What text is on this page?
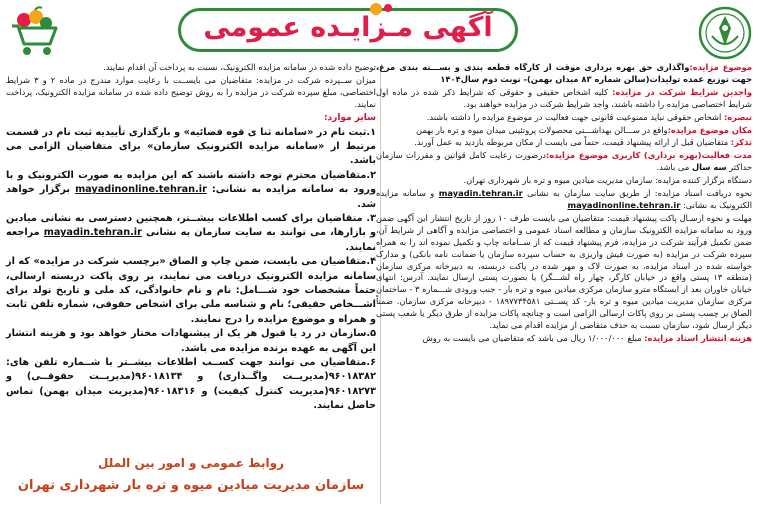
آگهی مـزایـده عمومی

موضوع مزایده:واگذاری حق بهره برداری موقت از کارگاه قطعه بندی و بســـته بندی مرغ، جهت توزیع عمده تولیدات(سالن شماره ۸۳ میدان بهمن)- نوبت دوم سال۱۴۰۴

واجدین شرایط شرکت در مزایده: کلیه اشخاص حقیقی و حقوقی که شرایط ذکر شده در ماده اول شرایط اختصاصی مزایده را داشته باشند، واجد شرایط شرکت در مزایده خواهند بود.

تبصره: اشخاص حقوقی نباید ممنوعیت قانونی جهت فعالیت در موضوع مزایده را داشته باشند.

مکان موضوع مزایده:واقع در ســـالن بهداشـــتی محصولات پروتئینی میدان میوه و تره بار بهمن

تذکر: متقاضیان قبل از ارائه پیشنهاد قیمت، حتماً می بایست از مکان مربوطه بازدید به عمل آورند.

مدت فعالیت(بهره برداری) کاربری موضوع مزایده:درصورت رعایت کامل قوانین و مقررات سازمان حداکثر سه سال می باشد.

دستگاه برگزار کننده مزایده: سازمان مدیریت میادین میوه و تره بار شهرداری تهران.

نحوه دریافت اسناد مزایده: از طریق سایت سازمان به نشانی mayadin.tehran.ir و سامانه مزایده الکترونیک به نشانی: mayadinonline.tehran.ir

مهلت و نحوه ارسـال پاکت پیشنهاد قیمت: متقاضیان می بایست ظرف ۱۰ روز از تاریخ انتشار این آگهی ضمن ورود به سامانه مزایده الکترونیک سازمان و مطالعه اسناد عمومی و اختصاصی مزایده و آگاهی از شرایط آن، ضمن تکمیل فرآیند شرکت در مزایده، فرم پیشنهاد قیمت که از ســامانه چاپ و تکمیل نموده اند را به همراه سپرده شرکت در مزایده (به صورت فیش واریزی به حساب سپرده سازمان یا ضمانت نامه بانکی) و مدارک خواسته شده در اسناد مزایده، به صورت لاک و مهر شده در پاکت دربسته، به دبیرخانه مرکزی سازمان (منطقه ۱۳ پستی واقع در خیابان کارگر، چهار راه لشـــگر) یا بصورت پستی ارسال نمایند. آدرس: انتهای خیابان خاوران بعد از ایستگاه مترو سازمان مرکزی میادین میوه و تره بار - جنب ورودی شـــماره ۳ - ساختمان مرکزی سازمان مدیریت میادین میوه و تره بار- کد پســتی ۱۸۹۷۷۳۴۵۸۱ - دبیرخانه مرکزی سازمان. ضمناً الصاق بر چسب پستی بر روی پاکات ارسالی الزامی است و چنانچه پاکات مزایده از طرق دیگر یا شعب پستی دیگر ارسال شود، سازمان نسبت به حذف متقاضی از مزایده اقدام می نماید.

هزینه انتشار اسناد مزایده: مبلغ ۱/۰۰۰/۰۰۰ ریال می باشد که متقاضیان می بایست به روش

توضیح داده شده در سامانه مزایده الکترونیک، نسبت به پرداخت آن اقدام نمایند.

میزان ســپرده شرکت در مزایده: متقاضیان می بایســت با رعایت موارد مندرج در ماده ۲ و ۳ شرایط اختصاصی، مبلغ سپرده شرکت در مزایده را به روش توضیح داده شده در سامانه مزایده الکترونیک، پرداخت نمایند.

سایر موارد:

۱.ثبت نام در «سامانه ثنا ی قوه قضائیه» و بارگذاری تأییدیه ثبت نام در قسمت مرتبط از «سامانه مزایده الکترونیک سازمان» برای متقاضیان الزامی می باشد.

۲.متقاضیان محترم توجه داشته باشند که این مزایده به صورت الکترونیک و با ورود به سامانه مزایده به نشانی: mayadinonline.tehran.ir برگزار خواهد شد.

۳. متقاضیان برای کسب اطلاعات بیشــتر، همچنین دسترسی به نشانی میادین و بازارها، می توانند به سایت سازمان به نشانی mayadin.tehran.ir مراجعه نمایند.

۴.متقاضیان می بایست، ضمن چاپ و الصاق «برچسب شرکت در مزایده» که از سامانه مزایده الکترونیک دریافت می نمایند، بر روی پاکت دربسته ارسالی، حتماً مشخصات خود شـــامل: نام و نام خانوادگی، کد ملی و تاریخ تولد برای اشـــخاص حقیقی؛ نام و شناسه ملی برای اشخاص حقوقی، شماره تلفن ثابت و همراه و موضوع مزایده را درج نمایند.

۵.سازمان در رد یا قبول هر یک از پیشنهادات مختار خواهد بود و هزینه انتشار این آگهی به عهده برنده مزایده می باشد.

۶.متقاضیان می توانند جهت کســب اطلاعات بیشــتر با شــماره تلفن های: ۹۶۰۱۸۳۸۲(مدیریــت واگــذاری) و ۹۶۰۱۸۱۳۴(مدیریــت حقوقــی) و ۹۶۰۱۸۲۷۳(مدیریت کنترل کیفیت) و ۹۶۰۱۸۳۱۶(مدیریت میدان بهمن) تماس حاصل نمایند.

روابط عمومی و امور بین الملل
سازمان مدیریت میادین میوه و تره بار شهرداری تهران
